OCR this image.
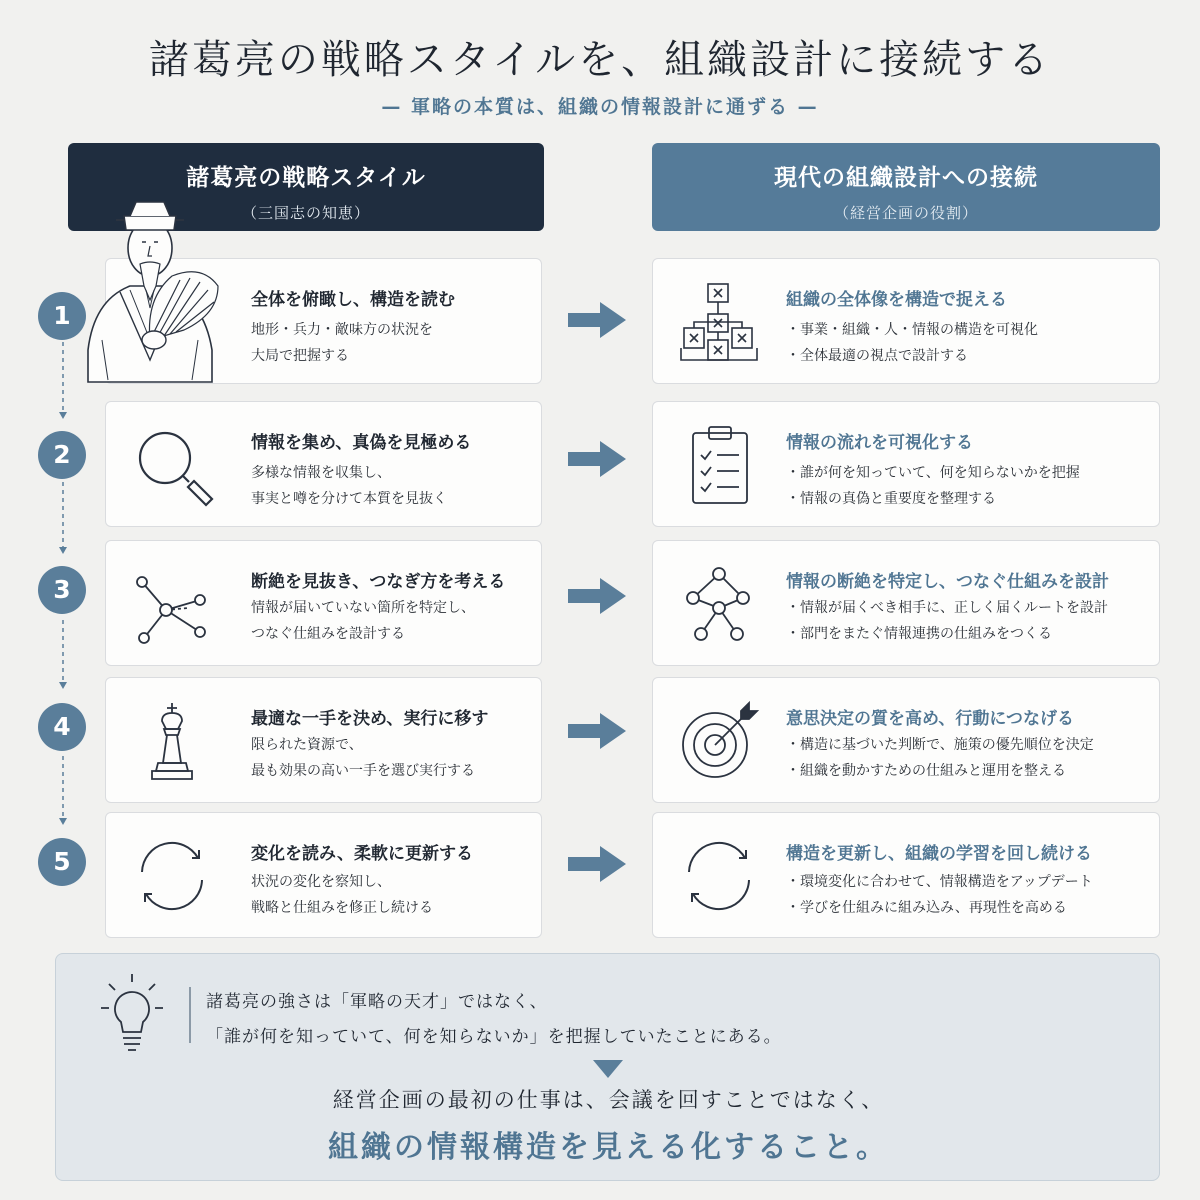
諸葛亮の戦略スタイルを、組織設計に接続する
— 軍略の本質は、組織の情報設計に通ずる —
諸葛亮の戦略スタイル
（三国志の知恵）
現代の組織設計への接続
（経営企画の役割）
全体を俯瞰し、構造を読む
地形・兵力・敵味方の状況を
大局で把握する
組織の全体像を構造で捉える
・事業・組織・人・情報の構造を可視化
・全体最適の視点で設計する
1
情報を集め、真偽を見極める
多様な情報を収集し、
事実と噂を分けて本質を見抜く
情報の流れを可視化する
・誰が何を知っていて、何を知らないかを把握
・情報の真偽と重要度を整理する
2
断絶を見抜き、つなぎ方を考える
情報が届いていない箇所を特定し、
つなぐ仕組みを設計する
情報の断絶を特定し、つなぐ仕組みを設計
・情報が届くべき相手に、正しく届くルートを設計
・部門をまたぐ情報連携の仕組みをつくる
3
最適な一手を決め、実行に移す
限られた資源で、
最も効果の高い一手を選び実行する
意思決定の質を高め、行動につなげる
・構造に基づいた判断で、施策の優先順位を決定
・組織を動かすための仕組みと運用を整える
4
変化を読み、柔軟に更新する
状況の変化を察知し、
戦略と仕組みを修正し続ける
構造を更新し、組織の学習を回し続ける
・環境変化に合わせて、情報構造をアップデート
・学びを仕組みに組み込み、再現性を高める
5
諸葛亮の強さは「軍略の天才」ではなく、
「誰が何を知っていて、何を知らないか」を把握していたことにある。
経営企画の最初の仕事は、会議を回すことではなく、
組織の情報構造を見える化すること。
